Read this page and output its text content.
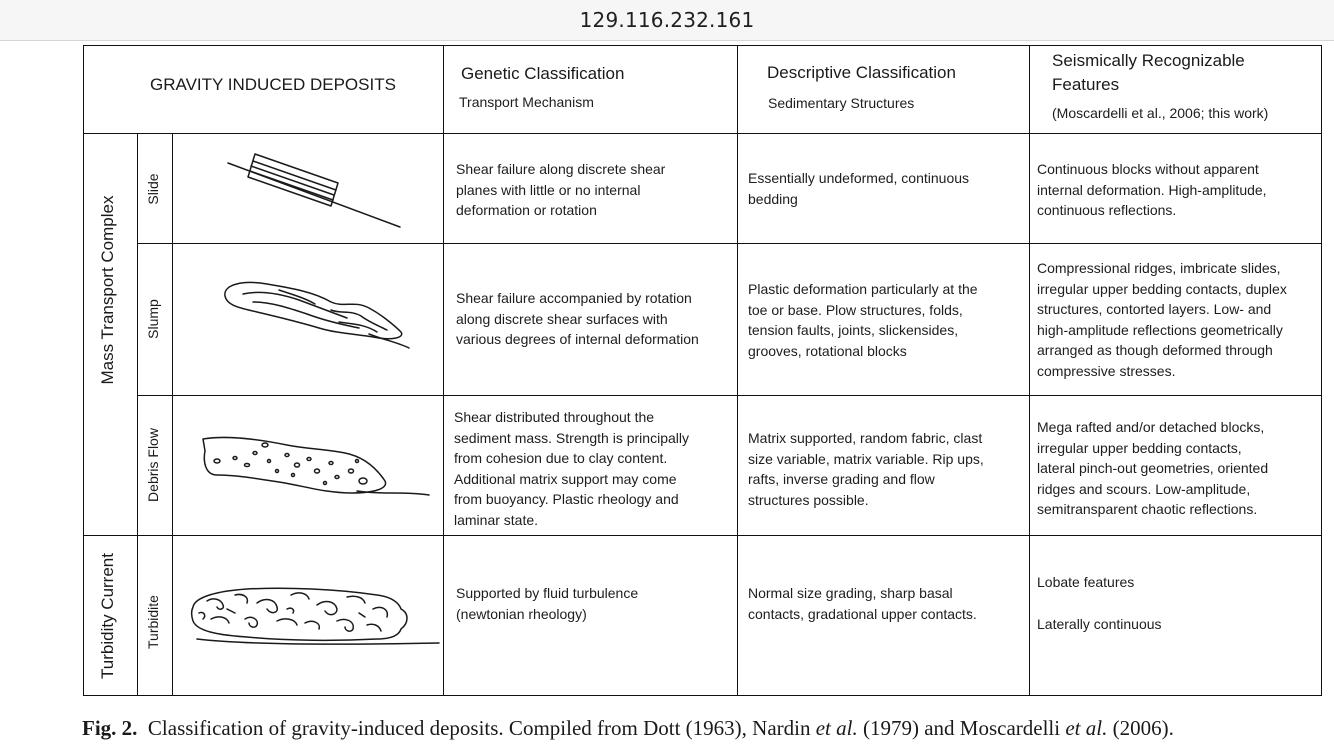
129.116.232.161
GRAVITY INDUCED DEPOSITS
Genetic Classification
Transport Mechanism
Descriptive Classification
Sedimentary Structures
Seismically Recognizable
Features
(Moscardelli et al., 2006; this work)
Mass Transport Complex
Turbidity Current
Slide
Slump
Debris Flow
Turbidite
Shear failure along discrete shear
planes with little or no internal
deformation or rotation
Essentially undeformed, continuous
bedding
Continuous blocks without apparent
internal deformation. High-amplitude,
continuous reflections.
Shear failure accompanied by rotation
along discrete shear surfaces with
various degrees of internal deformation
Plastic deformation particularly at the
toe or base. Plow structures, folds,
tension faults, joints, slickensides,
grooves, rotational blocks
Compressional ridges, imbricate slides,
irregular upper bedding contacts, duplex
structures, contorted layers. Low- and
high-amplitude reflections geometrically
arranged as though deformed through
compressive stresses.
Shear distributed throughout the
sediment mass. Strength is principally
from cohesion due to clay content.
Additional matrix support may come
from buoyancy. Plastic rheology and
laminar state.
Matrix supported, random fabric, clast
size variable, matrix variable. Rip ups,
rafts, inverse grading and flow
structures possible.
Mega rafted and/or detached blocks,
irregular upper bedding contacts,
lateral pinch-out geometries, oriented
ridges and scours. Low-amplitude,
semitransparent chaotic reflections.
Supported by fluid turbulence
(newtonian rheology)
Normal size grading, sharp basal
contacts, gradational upper contacts.
Lobate features
Laterally continuous
Fig. 2. Classification of gravity-induced deposits. Compiled from Dott (1963), Nardin et al. (1979) and Moscardelli et al. (2006).
